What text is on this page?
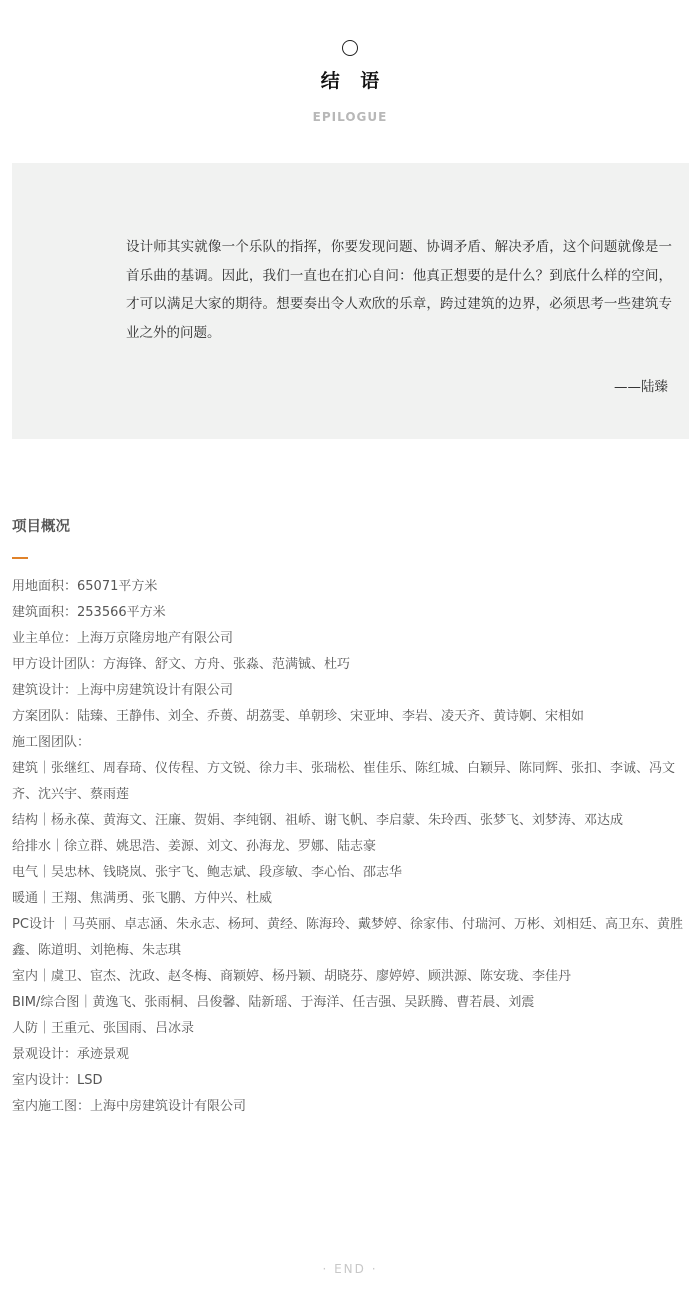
结 语
EPILOGUE

设计师其实就像一个乐队的指挥，你要发现问题、协调矛盾、解决矛盾，这个问题就像是一首乐曲的基调。因此，我们一直也在扪心自问：他真正想要的是什么？到底什么样的空间，才可以满足大家的期待。想要奏出令人欢欣的乐章，跨过建筑的边界，必须思考一些建筑专业之外的问题。

——陆臻
项目概况
用地面积：65071平方米
建筑面积：253566平方米
业主单位：上海万京隆房地产有限公司
甲方设计团队：方海锋、舒文、方舟、张淼、范满铖、杜巧
建筑设计：上海中房建筑设计有限公司
方案团队：陆臻、王静伟、刘全、乔蒉、胡荔雯、单朝珍、宋亚坤、李岩、凌天齐、黄诗婀、宋相如
施工图团队：
建筑｜张继红、周春琦、仪传程、方文锐、徐力丰、张瑞松、崔佳乐、陈红城、白颖异、陈同辉、张扣、李诚、冯文齐、沈兴宇、蔡雨莲
结构｜杨永葆、黄海文、汪廉、贺娟、李纯钢、祖峤、谢飞帆、李启蒙、朱玲西、张梦飞、刘梦涛、邓达成
给排水｜徐立群、姚思浩、姜源、刘文、孙海龙、罗娜、陆志豪
电气｜吴忠林、钱晓岚、张宇飞、鲍志斌、段彦敏、李心怡、邵志华
暖通｜王翔、焦满勇、张飞鹏、方仲兴、杜威
PC设计 ｜马英丽、卓志涵、朱永志、杨珂、黄经、陈海玲、戴梦婷、徐家伟、付瑞河、万彬、刘相廷、高卫东、黄胜鑫、陈道明、刘艳梅、朱志琪
室内｜虞卫、宦杰、沈政、赵冬梅、商颖婷、杨丹颖、胡晓芬、廖婷婷、顾洪源、陈安珑、李佳丹
BIM/综合图｜黄逸飞、张雨桐、吕俊馨、陆新瑶、于海洋、任吉强、吴跃腾、曹若晨、刘震
人防｜王重元、张国雨、吕冰录
景观设计：承迹景观
室内设计：LSD
室内施工图：上海中房建筑设计有限公司
· END ·
